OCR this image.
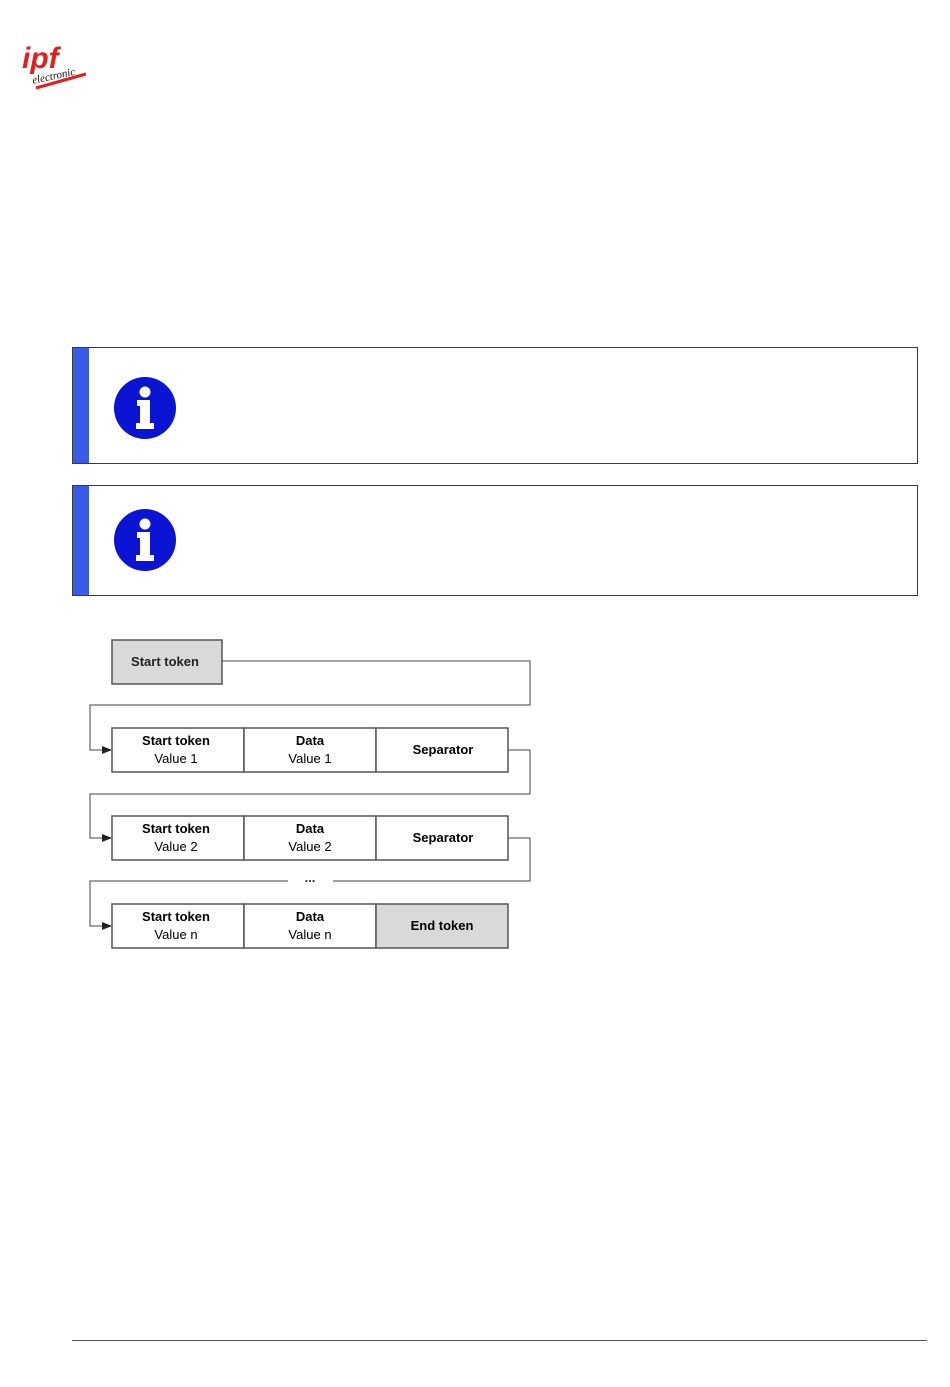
ipf
electronic
Start token
Start token
Value 1
Data
Value 1
Separator
Start token
Value 2
Data
Value 2
Separator
...
Start token
Value n
Data
Value n
End token
